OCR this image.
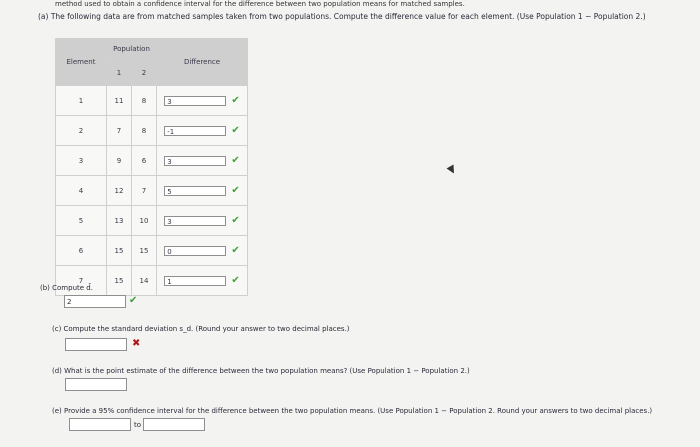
method used to obtain a confidence interval for the difference between two population means for matched samples.
(a) The following data are from matched samples taken from two populations. Compute the difference value for each element. (Use Population 1 − Population 2.)
Element	Population		Difference
	1	2	
1	11	8	3 ✔
2	7	8	-1 ✔
3	9	6	3 ✔
4	12	7	5 ✔
5	13	10	3 ✔
6	15	15	0 ✔
7	15	14	1 ✔
(b) Compute d̄.
2	✔
(c) Compute the standard deviation s_d. (Round your answer to two decimal places.)
✖
(d) What is the point estimate of the difference between the two population means? (Use Population 1 − Population 2.)
(e) Provide a 95% confidence interval for the difference between the two population means. (Use Population 1 − Population 2. Round your answers to two decimal places.)
to
